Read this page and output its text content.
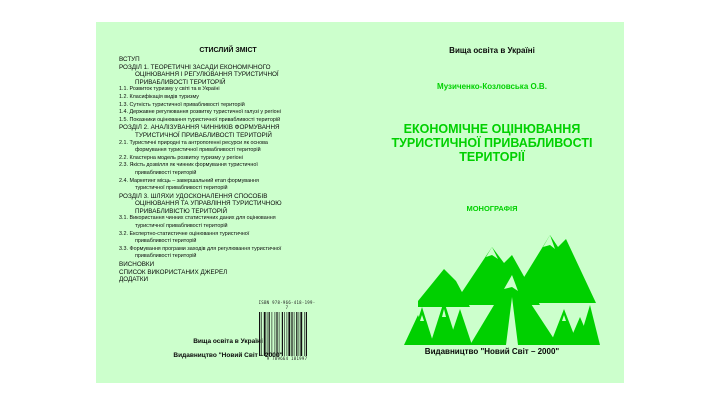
СТИСЛИЙ ЗМІСТ
ВСТУП
РОЗДІЛ 1. ТЕОРЕТИЧНІ ЗАСАДИ ЕКОНОМІЧНОГО
ОЦІНЮВАННЯ І РЕГУЛЮВАННЯ ТУРИСТИЧНОЇ
ПРИВАБЛИВОСТІ ТЕРИТОРІЙ
1.1. Розвиток туризму у світі та в Україні
1.2. Класифікація видів туризму
1.3. Сутність туристичної привабливості територій
1.4. Державне регулювання розвитку туристичної галузі у регіоні
1.5. Показники оцінювання туристичної привабливості територій
РОЗДІЛ 2. АНАЛІЗУВАННЯ ЧИННИКІВ ФОРМУВАННЯ
ТУРИСТИЧНОЇ ПРИВАБЛИВОСТІ ТЕРИТОРІЙ
2.1. Туристичні природні та антропогенні ресурси як основа
формування туристичної привабливості територій
2.2. Кластерна модель розвитку туризму у регіоні
2.3. Якість дозвілля як чинник формування туристичної
привабливості територій
2.4. Маркетинг місць – завершальний етап формування
туристичної привабливості територій
РОЗДІЛ 3. ШЛЯХИ УДОСКОНАЛЕННЯ СПОСОБІВ
ОЦІНЮВАННЯ ТА УПРАВЛІННЯ ТУРИСТИЧНОЮ
ПРИВАБЛИВІСТЮ ТЕРИТОРІЙ
3.1. Використання чинних статистичних даних для оцінювання
туристичної привабливості територій
3.2. Експертно-статистичне оцінювання туристичної
привабливості територій
3.3. Формування програми заходів для регулювання туристичної
привабливості територій
ВИСНОВКИ
СПИСОК ВИКОРИСТАНИХ ДЖЕРЕЛ
ДОДАТКИ
ISBN 978-966-418-199-7
9 789664 181997
Вища освіта в Україні
Видавництво "Новий Світ – 2000"
Вища освіта в Україні
Музиченко-Козловська О.В.
ЕКОНОМІЧНЕ ОЦІНЮВАННЯ
ТУРИСТИЧНОЇ ПРИВАБЛИВОСТІ
ТЕРИТОРІЇ
МОНОГРАФІЯ
Видавництво "Новий Світ – 2000"
